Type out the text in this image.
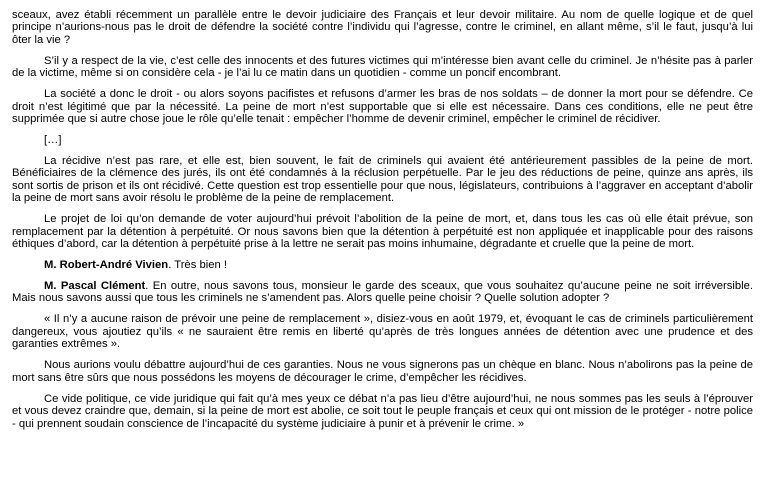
sceaux, avez établi récemment un parallèle entre le devoir judiciaire des Français et leur devoir militaire. Au nom de quelle logique et de quel principe n’aurions-nous pas le droit de défendre la société contre l’individu qui l’agresse, contre le criminel, en allant même, s’il le faut, jusqu’à lui ôter la vie ?

S’il y a respect de la vie, c’est celle des innocents et des futures victimes qui m’intéresse bien avant celle du criminel. Je n’hésite pas à parler de la victime, même si on considère cela - je l’ai lu ce matin dans un quotidien - comme un poncif encombrant.

La société a donc le droit - ou alors soyons pacifistes et refusons d’armer les bras de nos soldats – de donner la mort pour se défendre. Ce droit n’est légitimé que par la nécessité. La peine de mort n’est supportable que si elle est nécessaire. Dans ces conditions, elle ne peut être supprimée que si autre chose joue le rôle qu’elle tenait : empêcher l’homme de devenir criminel, empêcher le criminel de récidiver.

[…]

La récidive n’est pas rare, et elle est, bien souvent, le fait de criminels qui avaient été antérieurement passibles de la peine de mort. Bénéficiaires de la clémence des jurés, ils ont été condamnés à la réclusion perpétuelle. Par le jeu des réductions de peine, quinze ans après, ils sont sortis de prison et ils ont récidivé. Cette question est trop essentielle pour que nous, législateurs, contribuions à l’aggraver en acceptant d’abolir la peine de mort sans avoir résolu le problème de la peine de remplacement.

Le projet de loi qu’on demande de voter aujourd’hui prévoit l’abolition de la peine de mort, et, dans tous les cas où elle était prévue, son remplacement par la détention à perpétuité. Or nous savons bien que la détention à perpétuité est non appliquée et inapplicable pour des raisons éthiques d’abord, car la détention à perpétuité prise à la lettre ne serait pas moins inhumaine, dégradante et cruelle que la peine de mort.

M. Robert-André Vivien. Très bien !

M. Pascal Clément. En outre, nous savons tous, monsieur le garde des sceaux, que vous souhaitez qu’aucune peine ne soit irréversible. Mais nous savons aussi que tous les criminels ne s’amendent pas. Alors quelle peine choisir ? Quelle solution adopter ?

« Il n’y a aucune raison de prévoir une peine de remplacement », disiez-vous en août 1979, et, évoquant le cas de criminels particulièrement dangereux, vous ajoutiez qu’ils « ne sauraient être remis en liberté qu’après de très longues années de détention avec une prudence et des garanties extrêmes ».

Nous aurions voulu débattre aujourd’hui de ces garanties. Nous ne vous signerons pas un chèque en blanc. Nous n’abolirons pas la peine de mort sans être sûrs que nous possédons les moyens de décourager le crime, d’empêcher les récidives.

Ce vide politique, ce vide juridique qui fait qu’à mes yeux ce débat n’a pas lieu d’être aujourd’hui, ne nous sommes pas les seuls à l’éprouver et vous devez craindre que, demain, si la peine de mort est abolie, ce soit tout le peuple français et ceux qui ont mission de le protéger - notre police - qui prennent soudain conscience de l’incapacité du système judiciaire à punir et à prévenir le crime. »
